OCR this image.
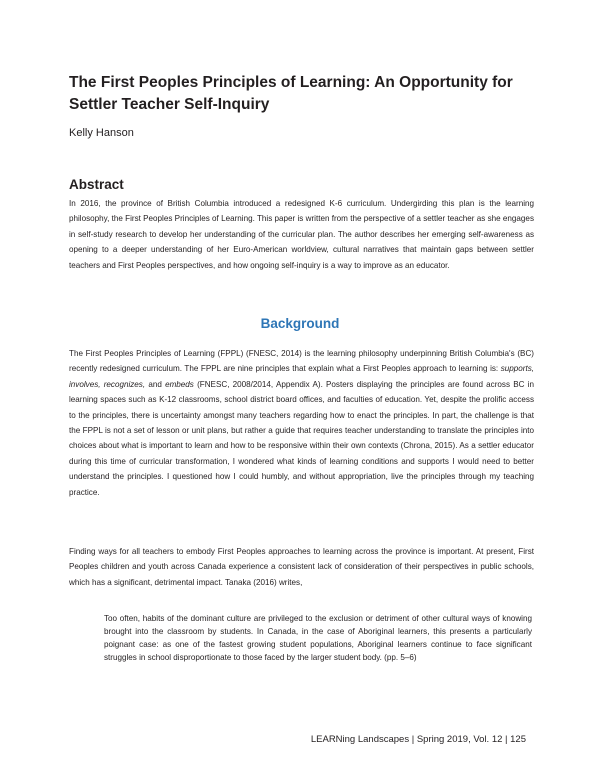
The First Peoples Principles of Learning: An Opportunity for Settler Teacher Self-Inquiry
Kelly Hanson
Abstract
In 2016, the province of British Columbia introduced a redesigned K-6 curriculum. Undergirding this plan is the learning philosophy, the First Peoples Principles of Learning. This paper is written from the perspective of a settler teacher as she engages in self-study research to develop her understanding of the curricular plan. The author describes her emerging self-awareness as opening to a deeper understanding of her Euro-American worldview, cultural narratives that maintain gaps between settler teachers and First Peoples perspectives, and how ongoing self-inquiry is a way to improve as an educator.
Background
The First Peoples Principles of Learning (FPPL) (FNESC, 2014) is the learning philosophy underpinning British Columbia's (BC) recently redesigned curriculum. The FPPL are nine principles that explain what a First Peoples approach to learning is: supports, involves, recognizes, and embeds (FNESC, 2008/2014, Appendix A). Posters displaying the principles are found across BC in learning spaces such as K-12 classrooms, school district board offices, and faculties of education. Yet, despite the prolific access to the principles, there is uncertainty amongst many teachers regarding how to enact the principles. In part, the challenge is that the FPPL is not a set of lesson or unit plans, but rather a guide that requires teacher understanding to translate the principles into choices about what is important to learn and how to be responsive within their own contexts (Chrona, 2015). As a settler educator during this time of curricular transformation, I wondered what kinds of learning conditions and supports I would need to better understand the principles. I questioned how I could humbly, and without appropriation, live the principles through my teaching practice.
Finding ways for all teachers to embody First Peoples approaches to learning across the province is important. At present, First Peoples children and youth across Canada experience a consistent lack of consideration of their perspectives in public schools, which has a significant, detrimental impact. Tanaka (2016) writes,
Too often, habits of the dominant culture are privileged to the exclusion or detriment of other cultural ways of knowing brought into the classroom by students. In Canada, in the case of Aboriginal learners, this presents a particularly poignant case: as one of the fastest growing student populations, Aboriginal learners continue to face significant struggles in school disproportionate to those faced by the larger student body. (pp. 5–6)
LEARNing Landscapes | Spring 2019, Vol. 12 | 125
